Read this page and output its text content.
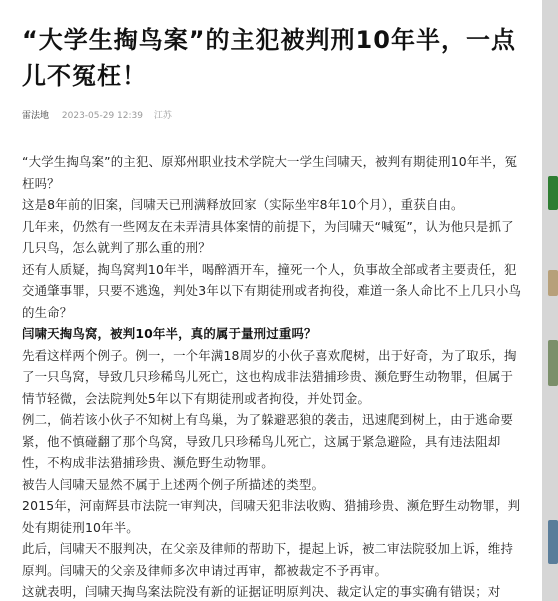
“大学生掏鸟案”的主犯被判刑10年半，一点儿不冤枉！
雷法地 2023-05-29 12:39 江苏

“大学生掏鸟案”的主犯、原郑州职业技术学院大一学生闫啸天，被判有期徒刑10年半，冤枉吗？

这是8年前的旧案，闫啸天已刑满释放回家（实际坐牢8年10个月），重获自由。

几年来，仍然有一些网友在未弄清具体案情的前提下，为闫啸天“喊冤”，认为他只是抓了几只鸟，怎么就判了那么重的刑？

还有人质疑，掏鸟窝判10年半，喝醉酒开车，撞死一个人，负事故全部或者主要责任，犯交通肇事罪，只要不逃逸，判处3年以下有期徒刑或者拘役，难道一条人命比不上几只小鸟的生命？

闫啸天掏鸟窝，被判10年半，真的属于量刑过重吗？

先看这样两个例子。例一，一个年满18周岁的小伙子喜欢爬树，出于好奇，为了取乐，掏了一只鸟窝，导致几只珍稀鸟儿死亡，这也构成非法猎捕珍贵、濒危野生动物罪，但属于情节轻微，会法院判处5年以下有期徒刑或者拘役，并处罚金。

例二，倘若该小伙子不知树上有鸟巢，为了躲避恶狼的袭击，迅速爬到树上，由于逃命要紧，他不慎碰翻了那个鸟窝，导致几只珍稀鸟儿死亡，这属于紧急避险，具有违法阻却性，不构成非法猎捕珍贵、濒危野生动物罪。

被告人闫啸天显然不属于上述两个例子所描述的类型。

2015年，河南辉县市法院一审判决，闫啸天犯非法收购、猎捕珍贵、濒危野生动物罪，判处有期徒刑10年半。

此后，闫啸天不服判决，在父亲及律师的帮助下，提起上诉，被二审法院驳加上诉，维持原判。闫啸天的父亲及律师多次申请过再审，都被裁定不予再审。

这就表明，闫啸天掏鸟案法院没有新的证据证明原判决、裁定认定的事实确有错误；对
